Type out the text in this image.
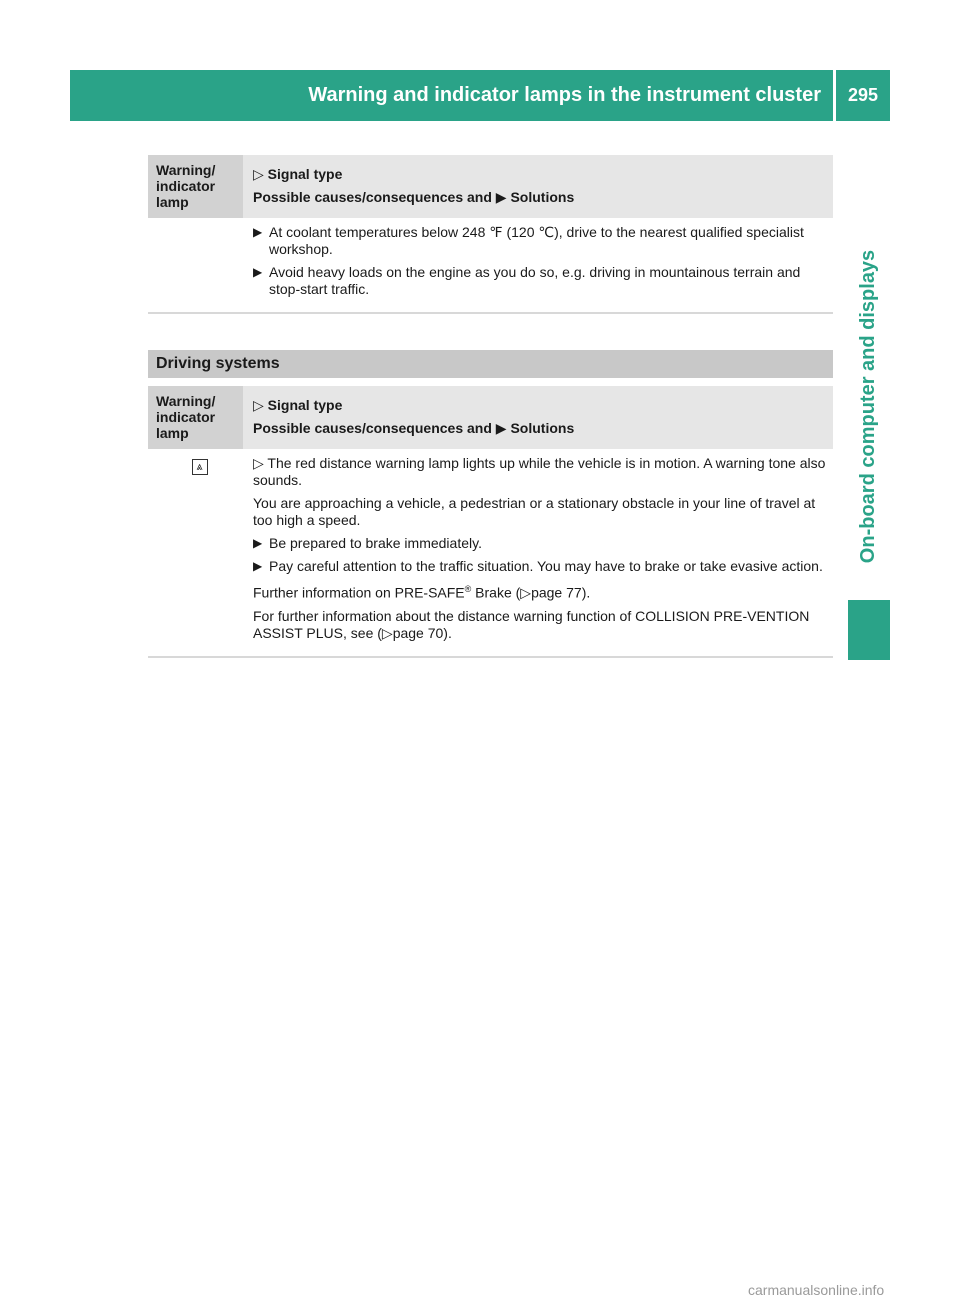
Warning and indicator lamps in the instrument cluster	295
On-board computer and displays
Warning/ indicator lamp
▷ Signal type
Possible causes/consequences and ▶ Solutions
▶ At coolant temperatures below 248 ℉ (120 ℃), drive to the nearest qualified specialist workshop.
▶ Avoid heavy loads on the engine as you do so, e.g. driving in mountainous terrain and stop-start traffic.
Driving systems
Warning/ indicator lamp
▷ Signal type
Possible causes/consequences and ▶ Solutions
⩓	▷ The red distance warning lamp lights up while the vehicle is in motion. A warning tone also sounds.
You are approaching a vehicle, a pedestrian or a stationary obstacle in your line of travel at too high a speed.
▶ Be prepared to brake immediately.
▶ Pay careful attention to the traffic situation. You may have to brake or take evasive action.
Further information on PRE-SAFE® Brake (▷page 77).
For further information about the distance warning function of COLLISION PRE-VENTION ASSIST PLUS, see (▷page 70).
carmanualsonline.info
